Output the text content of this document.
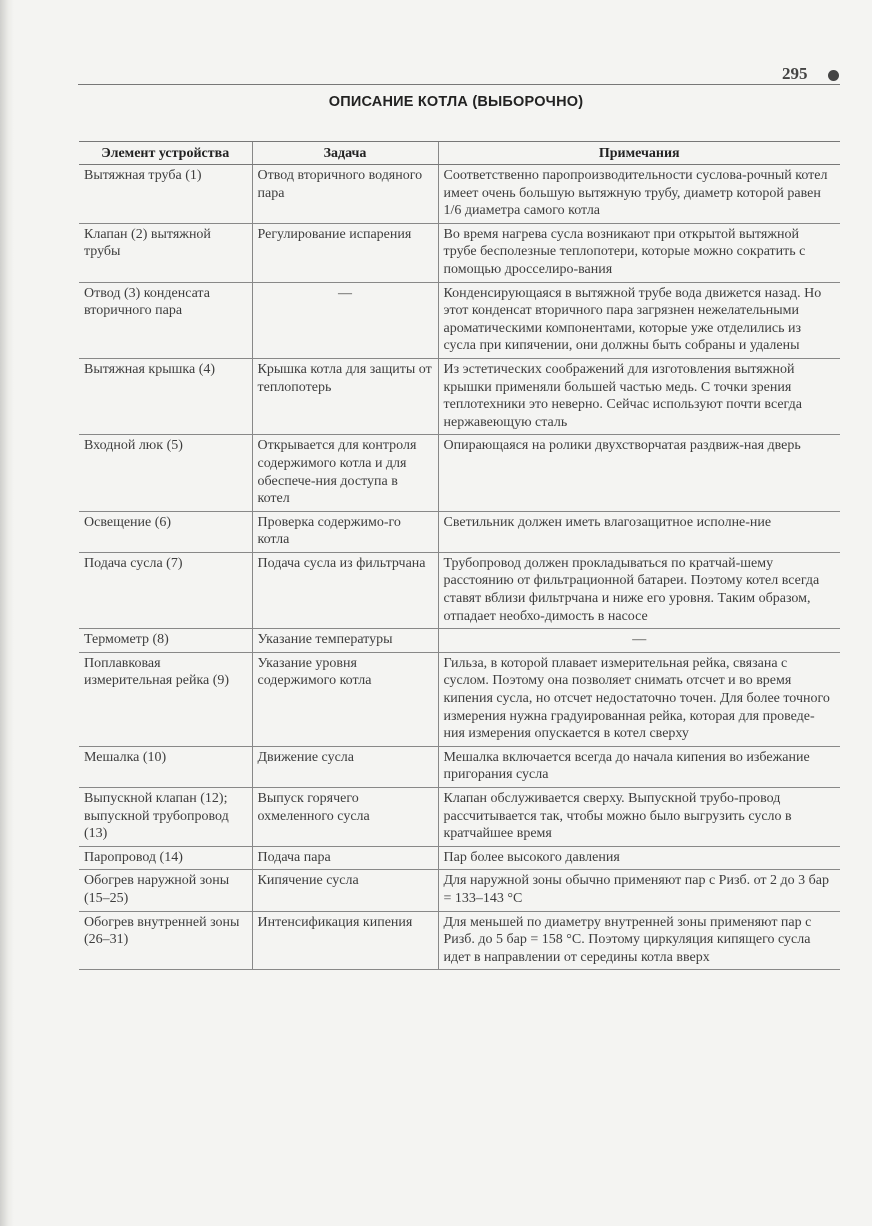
295
ОПИСАНИЕ КОТЛА (ВЫБОРОЧНО)
Элемент устройства	Задача	Примечания
Вытяжная труба (1)	Отвод вторичного водяного пара	Соответственно паропроизводительности суслова-рочный котел имеет очень большую вытяжную трубу, диаметр которой равен 1/6 диаметра самого котла
Клапан (2) вытяжной трубы	Регулирование испарения	Во время нагрева сусла возникают при открытой вытяжной трубе бесполезные теплопотери, которые можно сократить с помощью дросселиро-вания
Отвод (3) конденсата вторичного пара	—	Конденсирующаяся в вытяжной трубе вода движется назад. Но этот конденсат вторичного пара загрязнен нежелательными ароматическими компонентами, которые уже отделились из сусла при кипячении, они должны быть собраны и удалены
Вытяжная крышка (4)	Крышка котла для защиты от теплопотерь	Из эстетических соображений для изготовления вытяжной крышки применяли большей частью медь. С точки зрения теплотехники это неверно. Сейчас используют почти всегда нержавеющую сталь
Входной люк (5)	Открывается для контроля содержимого котла и для обеспече-ния доступа в котел	Опирающаяся на ролики двухстворчатая раздвиж-ная дверь
Освещение (6)	Проверка содержимо-го котла	Светильник должен иметь влагозащитное исполне-ние
Подача сусла (7)	Подача сусла из фильтрчана	Трубопровод должен прокладываться по кратчай-шему расстоянию от фильтрационной батареи. Поэтому котел всегда ставят вблизи фильтрчана и ниже его уровня. Таким образом, отпадает необхо-димость в насосе
Термометр (8)	Указание температуры	—
Поплавковая измерительная рейка (9)	Указание уровня содержимого котла	Гильза, в которой плавает измерительная рейка, связана с суслом. Поэтому она позволяет снимать отсчет и во время кипения сусла, но отсчет недостаточно точен. Для более точного измерения нужна градуированная рейка, которая для проведе-ния измерения опускается в котел сверху
Мешалка (10)	Движение сусла	Мешалка включается всегда до начала кипения во избежание пригорания сусла
Выпускной клапан (12); выпускной трубопровод (13)	Выпуск горячего охмеленного сусла	Клапан обслуживается сверху. Выпускной трубо-провод рассчитывается так, чтобы можно было выгрузить сусло в кратчайшее время
Паропровод (14)	Подача пара	Пар более высокого давления
Обогрев наружной зоны (15–25)	Кипячение сусла	Для наружной зоны обычно применяют пар с Pизб. от 2 до 3 бар = 133–143 °С
Обогрев внутренней зоны (26–31)	Интенсификация кипения	Для меньшей по диаметру внутренней зоны применяют пар с Pизб. до 5 бар = 158 °С. Поэтому циркуляция кипящего сусла идет в направлении от середины котла вверх
